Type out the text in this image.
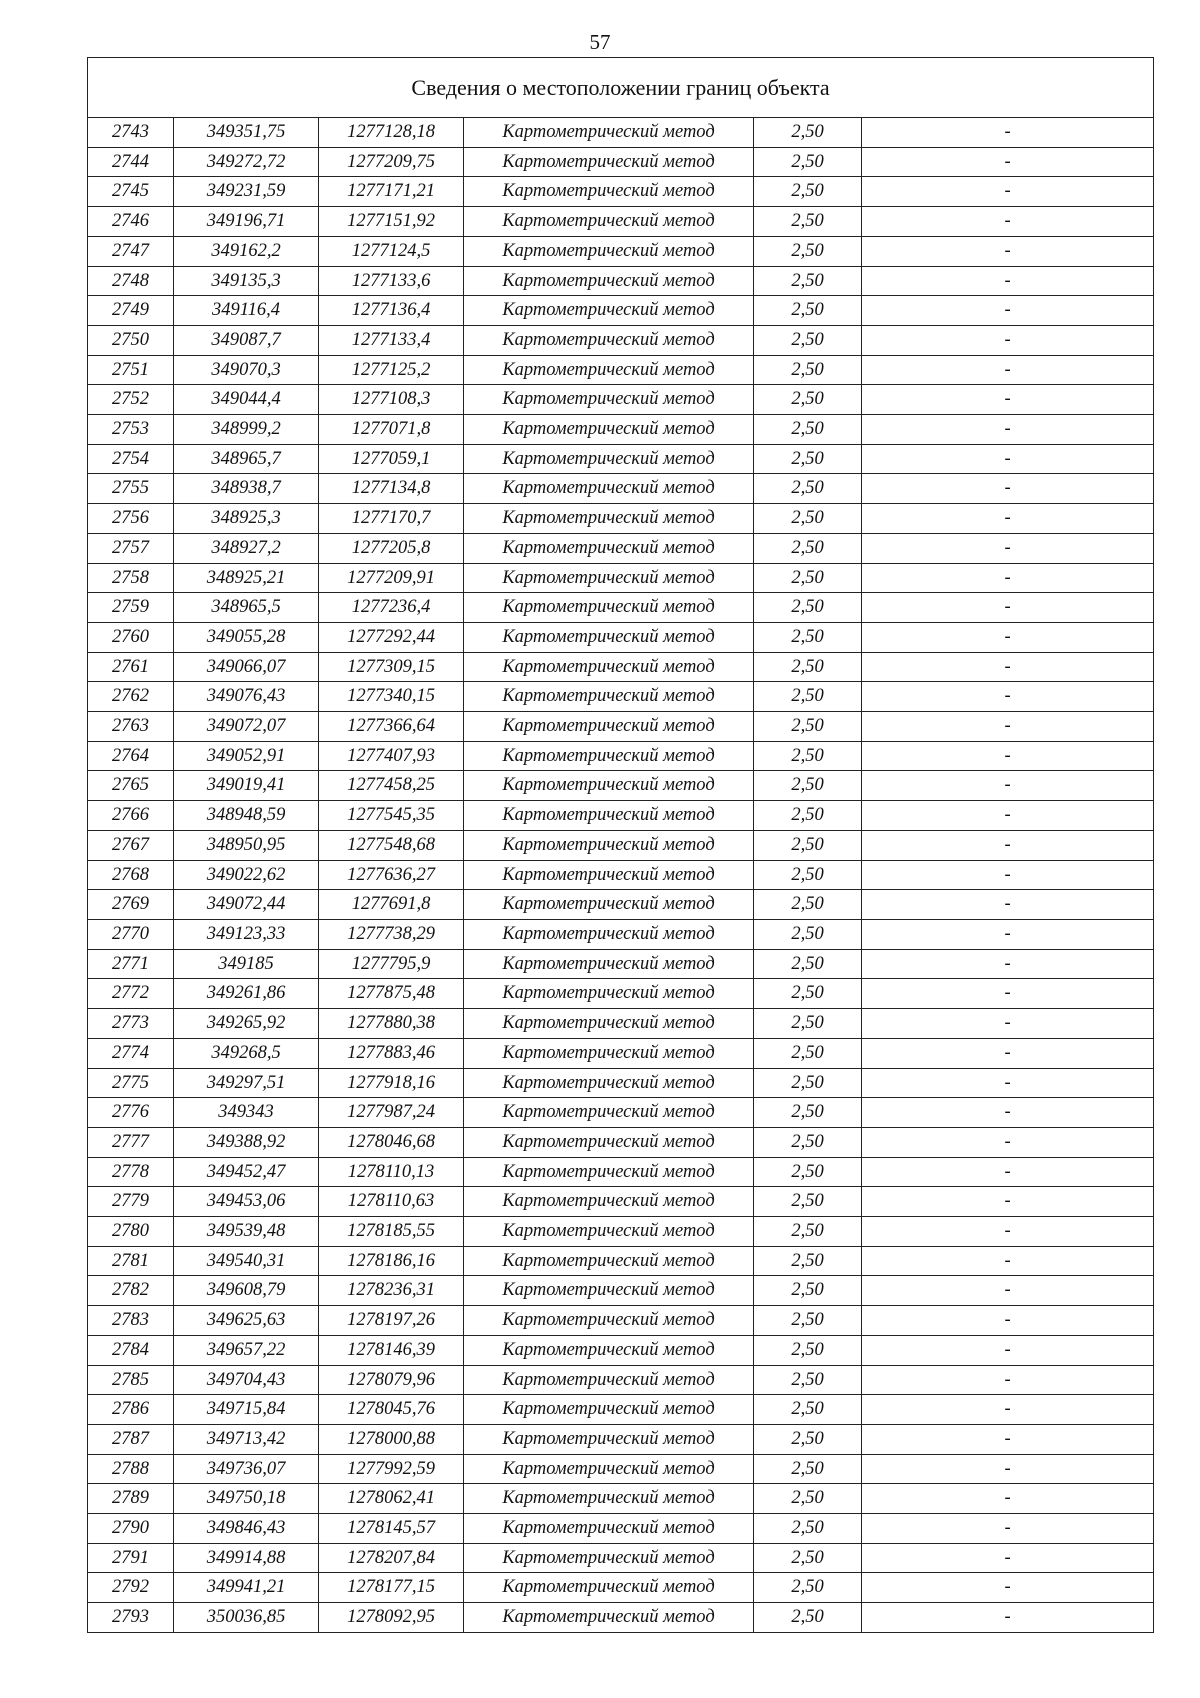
57
Сведения о местоположении границ объекта					
2743	349351,75	1277128,18	Картометрический метод	2,50	-
2744	349272,72	1277209,75	Картометрический метод	2,50	-
2745	349231,59	1277171,21	Картометрический метод	2,50	-
2746	349196,71	1277151,92	Картометрический метод	2,50	-
2747	349162,2	1277124,5	Картометрический метод	2,50	-
2748	349135,3	1277133,6	Картометрический метод	2,50	-
2749	349116,4	1277136,4	Картометрический метод	2,50	-
2750	349087,7	1277133,4	Картометрический метод	2,50	-
2751	349070,3	1277125,2	Картометрический метод	2,50	-
2752	349044,4	1277108,3	Картометрический метод	2,50	-
2753	348999,2	1277071,8	Картометрический метод	2,50	-
2754	348965,7	1277059,1	Картометрический метод	2,50	-
2755	348938,7	1277134,8	Картометрический метод	2,50	-
2756	348925,3	1277170,7	Картометрический метод	2,50	-
2757	348927,2	1277205,8	Картометрический метод	2,50	-
2758	348925,21	1277209,91	Картометрический метод	2,50	-
2759	348965,5	1277236,4	Картометрический метод	2,50	-
2760	349055,28	1277292,44	Картометрический метод	2,50	-
2761	349066,07	1277309,15	Картометрический метод	2,50	-
2762	349076,43	1277340,15	Картометрический метод	2,50	-
2763	349072,07	1277366,64	Картометрический метод	2,50	-
2764	349052,91	1277407,93	Картометрический метод	2,50	-
2765	349019,41	1277458,25	Картометрический метод	2,50	-
2766	348948,59	1277545,35	Картометрический метод	2,50	-
2767	348950,95	1277548,68	Картометрический метод	2,50	-
2768	349022,62	1277636,27	Картометрический метод	2,50	-
2769	349072,44	1277691,8	Картометрический метод	2,50	-
2770	349123,33	1277738,29	Картометрический метод	2,50	-
2771	349185	1277795,9	Картометрический метод	2,50	-
2772	349261,86	1277875,48	Картометрический метод	2,50	-
2773	349265,92	1277880,38	Картометрический метод	2,50	-
2774	349268,5	1277883,46	Картометрический метод	2,50	-
2775	349297,51	1277918,16	Картометрический метод	2,50	-
2776	349343	1277987,24	Картометрический метод	2,50	-
2777	349388,92	1278046,68	Картометрический метод	2,50	-
2778	349452,47	1278110,13	Картометрический метод	2,50	-
2779	349453,06	1278110,63	Картометрический метод	2,50	-
2780	349539,48	1278185,55	Картометрический метод	2,50	-
2781	349540,31	1278186,16	Картометрический метод	2,50	-
2782	349608,79	1278236,31	Картометрический метод	2,50	-
2783	349625,63	1278197,26	Картометрический метод	2,50	-
2784	349657,22	1278146,39	Картометрический метод	2,50	-
2785	349704,43	1278079,96	Картометрический метод	2,50	-
2786	349715,84	1278045,76	Картометрический метод	2,50	-
2787	349713,42	1278000,88	Картометрический метод	2,50	-
2788	349736,07	1277992,59	Картометрический метод	2,50	-
2789	349750,18	1278062,41	Картометрический метод	2,50	-
2790	349846,43	1278145,57	Картометрический метод	2,50	-
2791	349914,88	1278207,84	Картометрический метод	2,50	-
2792	349941,21	1278177,15	Картометрический метод	2,50	-
2793	350036,85	1278092,95	Картометрический метод	2,50	-
